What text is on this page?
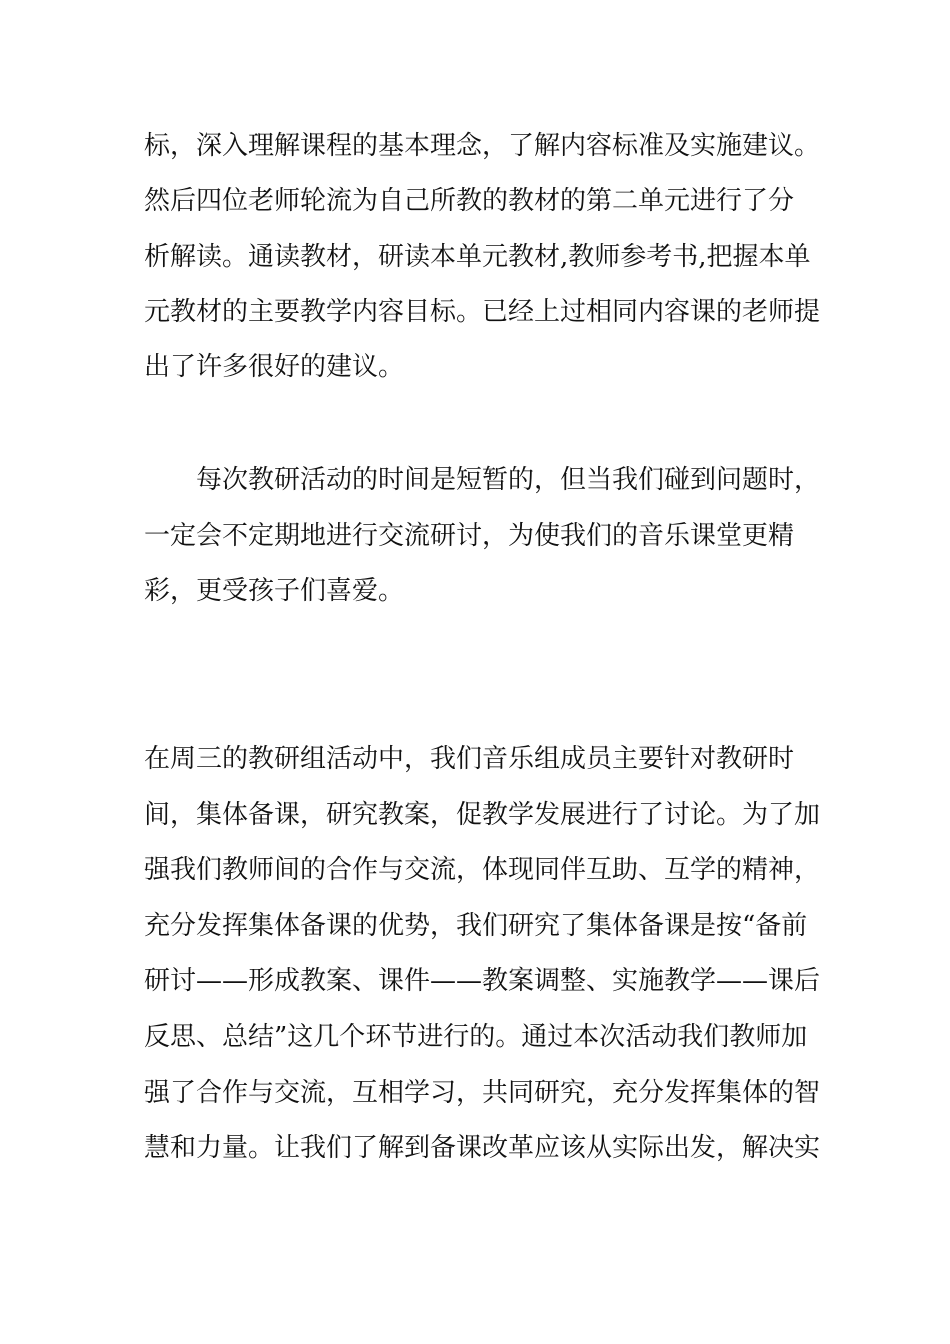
标，深入理解课程的基本理念，了解内容标准及实施建议。

然后四位老师轮流为自己所教的教材的第二单元进行了分

析解读。通读教材，研读本单元教材,教师参考书,把握本单

元教材的主要教学内容目标。已经上过相同内容课的老师提

出了许多很好的建议。

　　每次教研活动的时间是短暂的，但当我们碰到问题时，

一定会不定期地进行交流研讨，为使我们的音乐课堂更精

彩，更受孩子们喜爱。

在周三的教研组活动中，我们音乐组成员主要针对教研时

间，集体备课，研究教案，促教学发展进行了讨论。为了加

强我们教师间的合作与交流，体现同伴互助、互学的精神，

充分发挥集体备课的优势，我们研究了集体备课是按“备前

研讨——形成教案、课件——教案调整、实施教学——课后

反思、总结”这几个环节进行的。通过本次活动我们教师加

强了合作与交流，互相学习，共同研究，充分发挥集体的智

慧和力量。让我们了解到备课改革应该从实际出发，解决实
